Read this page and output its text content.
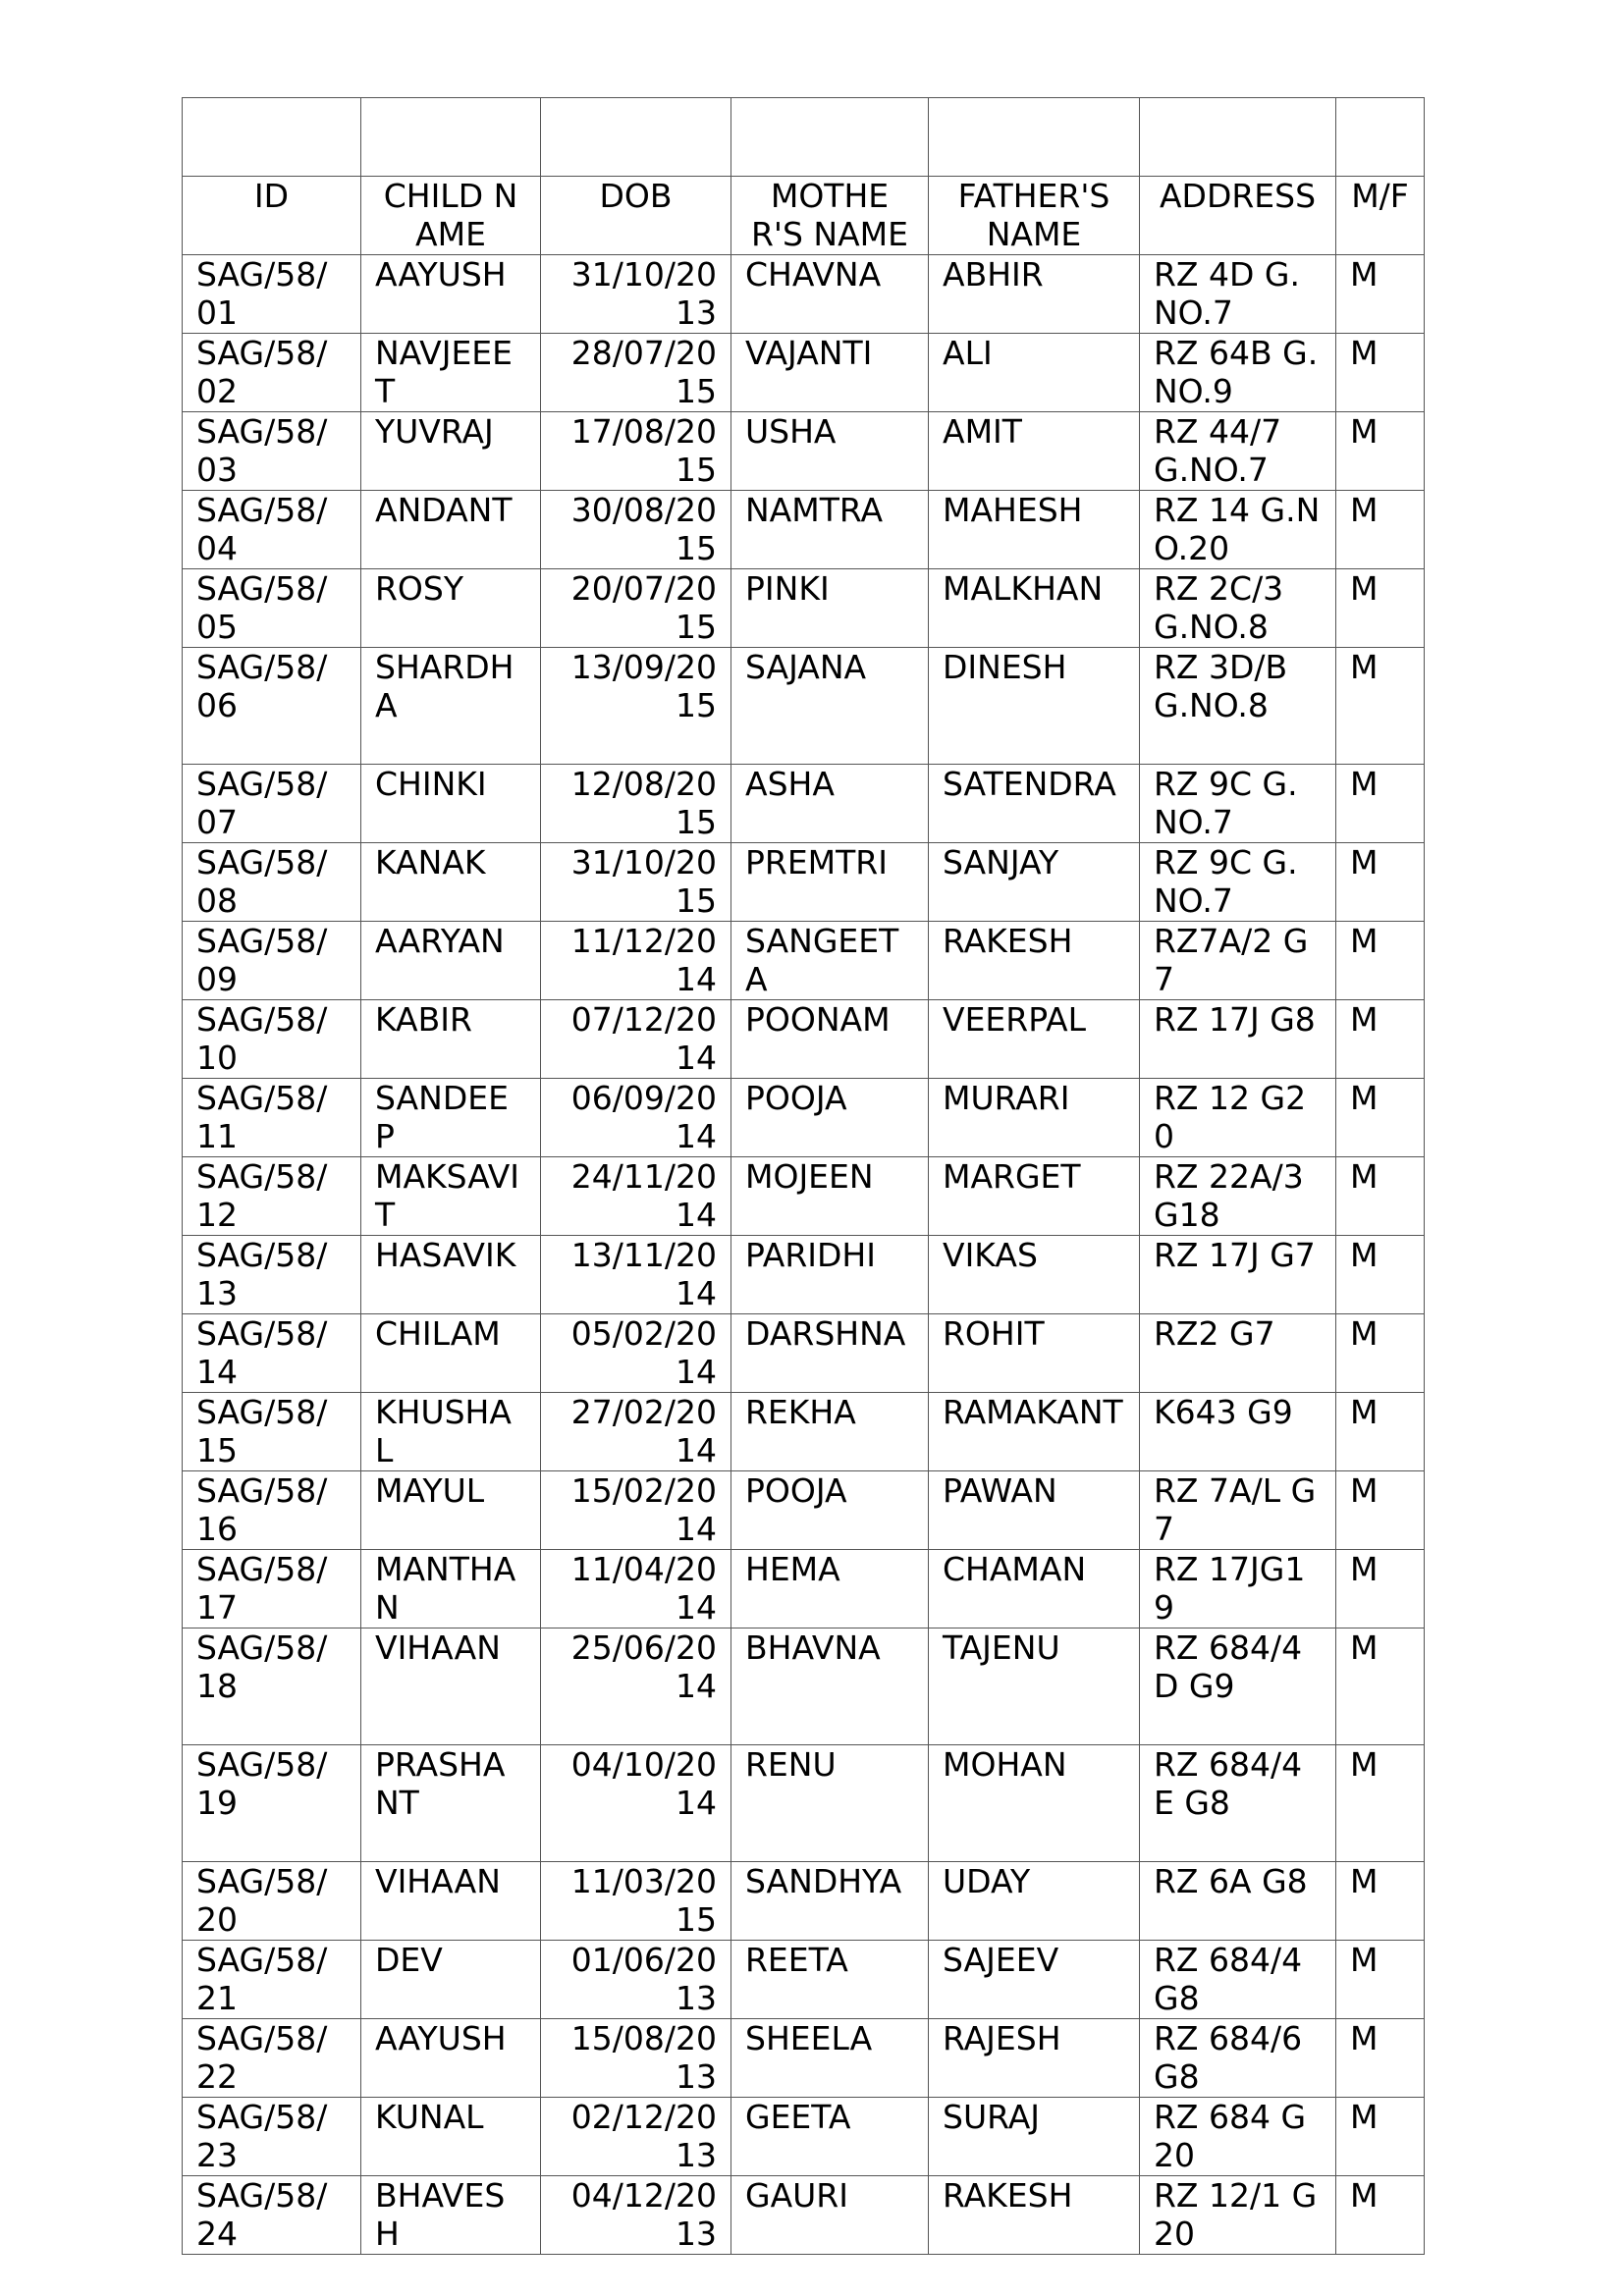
ID	CHILD NAME	DOB	MOTHER'S NAME	FATHER'S NAME	ADDRESS	M/F
SAG/58/01	AAYUSH	31/10/2013	CHAVNA	ABHIR	RZ 4D G.NO.7	M
SAG/58/02	NAVJEEET	28/07/2015	VAJANTI	ALI	RZ 64B G.NO.9	M
SAG/58/03	YUVRAJ	17/08/2015	USHA	AMIT	RZ 44/7 G.NO.7	M
SAG/58/04	ANDANT	30/08/2015	NAMTRA	MAHESH	RZ 14 G.NO.20	M
SAG/58/05	ROSY	20/07/2015	PINKI	MALKHAN	RZ 2C/3 G.NO.8	M
SAG/58/06	SHARDHA	13/09/2015	SAJANA	DINESH	RZ 3D/BG.NO.8	M
SAG/58/07	CHINKI	12/08/2015	ASHA	SATENDRA	RZ 9C G.NO.7	M
SAG/58/08	KANAK	31/10/2015	PREMTRI	SANJAY	RZ 9C G.NO.7	M
SAG/58/09	AARYAN	11/12/2014	SANGEETA	RAKESH	RZ7A/2 G7	M
SAG/58/10	KABIR	07/12/2014	POONAM	VEERPAL	RZ 17J G8	M
SAG/58/11	SANDEEP	06/09/2014	POOJA	MURARI	RZ 12 G20	M
SAG/58/12	MAKSAVIT	24/11/2014	MOJEEN	MARGET	RZ 22A/3 G18	M
SAG/58/13	HASAVIK	13/11/2014	PARIDHI	VIKAS	RZ 17J G7	M
SAG/58/14	CHILAM	05/02/2014	DARSHNA	ROHIT	RZ2 G7	M
SAG/58/15	KHUSHAL	27/02/2014	REKHA	RAMAKANT	K643 G9	M
SAG/58/16	MAYUL	15/02/2014	POOJA	PAWAN	RZ 7A/L G7	M
SAG/58/17	MANTHAN	11/04/2014	HEMA	CHAMAN	RZ 17JG19	M
SAG/58/18	VIHAAN	25/06/2014	BHAVNA	TAJENU	RZ 684/4D G9	M
SAG/58/19	PRASHANT	04/10/2014	RENU	MOHAN	RZ 684/4E G8	M
SAG/58/20	VIHAAN	11/03/2015	SANDHYA	UDAY	RZ 6A G8	M
SAG/58/21	DEV	01/06/2013	REETA	SAJEEV	RZ 684/4 G8	M
SAG/58/22	AAYUSH	15/08/2013	SHEELA	RAJESH	RZ 684/6 G8	M
SAG/58/23	KUNAL	02/12/2013	GEETA	SURAJ	RZ 684 G20	M
SAG/58/24	BHAVESH	04/12/2013	GAURI	RAKESH	RZ 12/1 G20	M
